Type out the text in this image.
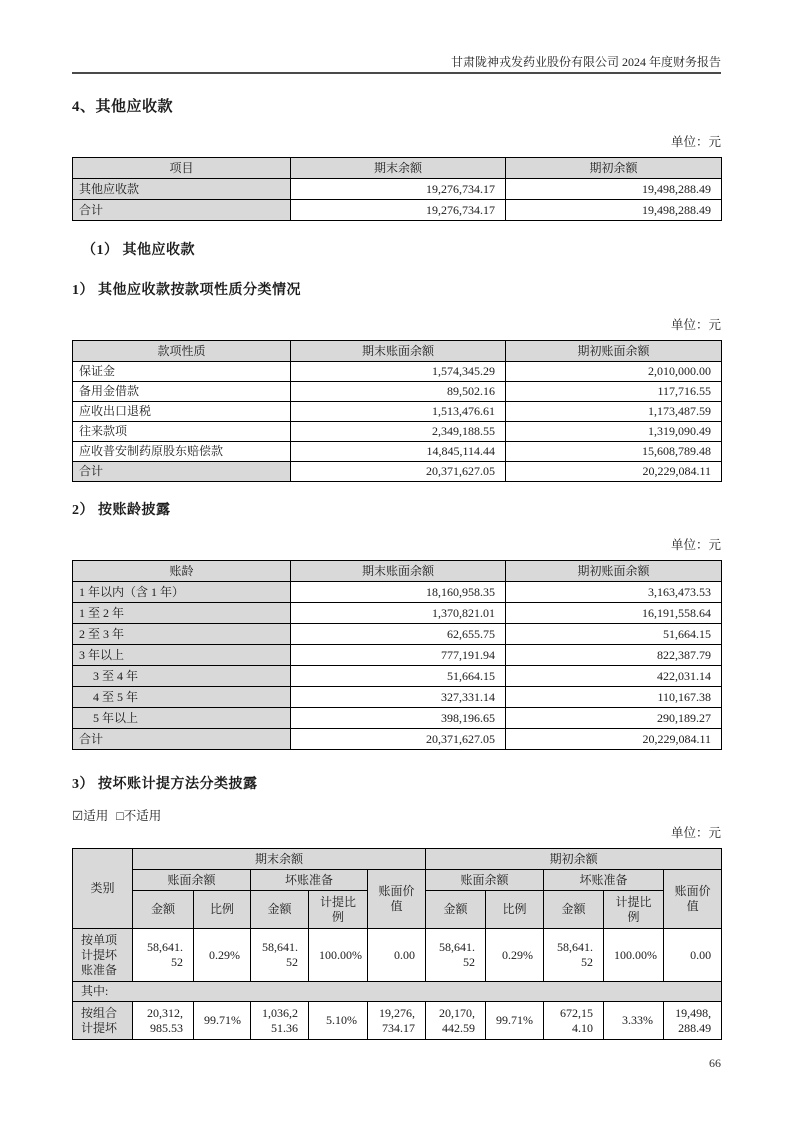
甘肃陇神戎发药业股份有限公司 2024 年度财务报告
4、其他应收款
单位：元
项目	期末余额	期初余额
其他应收款	19,276,734.17	19,498,288.49
合计	19,276,734.17	19,498,288.49
（1） 其他应收款
1） 其他应收款按款项性质分类情况
单位：元
款项性质	期末账面余额	期初账面余额
保证金	1,574,345.29	2,010,000.00
备用金借款	89,502.16	117,716.55
应收出口退税	1,513,476.61	1,173,487.59
往来款项	2,349,188.55	1,319,090.49
应收普安制药原股东赔偿款	14,845,114.44	15,608,789.48
合计	20,371,627.05	20,229,084.11
2） 按账龄披露
单位：元
账龄	期末账面余额	期初账面余额
1 年以内（含 1 年）	18,160,958.35	3,163,473.53
1 至 2 年	1,370,821.01	16,191,558.64
2 至 3 年	62,655.75	51,664.15
3 年以上	777,191.94	822,387.79
3 至 4 年	51,664.15	422,031.14
4 至 5 年	327,331.14	110,167.38
5 年以上	398,196.65	290,189.27
合计	20,371,627.05	20,229,084.11
3） 按坏账计提方法分类披露
☑适用 □不适用
单位：元
类别	期末余额					期初余额				
	账面余额		坏账准备		账面价值	账面余额		坏账准备		账面价值
	金额	比例	金额	计提比例		金额	比例	金额	计提比例	
按单项计提坏账准备	58,641.52	0.29%	58,641.52	100.00%	0.00	58,641.52	0.29%	58,641.52	100.00%	0.00
其中:										
按组合计提坏	20,312,985.53	99.71%	1,036,251.36	5.10%	19,276,734.17	20,170,442.59	99.71%	672,154.10	3.33%	19,498,288.49
66
